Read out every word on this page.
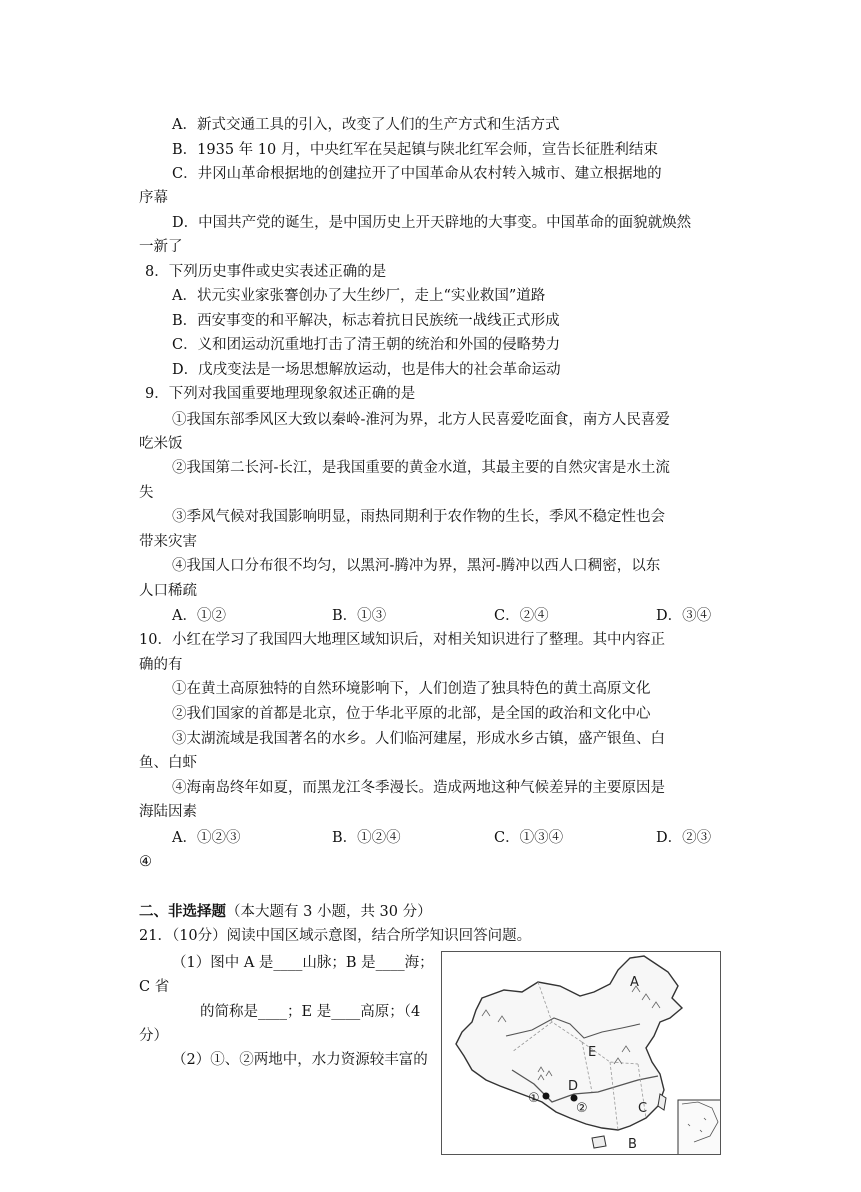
A．新式交通工具的引入，改变了人们的生产方式和生活方式
B．1935 年 10 月，中央红军在吴起镇与陕北红军会师，宣告长征胜利结束
C．井冈山革命根据地的创建拉开了中国革命从农村转入城市、建立根据地的
序幕
D．中国共产党的诞生，是中国历史上开天辟地的大事变。中国革命的面貌就焕然
一新了
8．下列历史事件或史实表述正确的是
A．状元实业家张謇创办了大生纱厂，走上“实业救国”道路
B．西安事变的和平解决，标志着抗日民族统一战线正式形成
C．义和团运动沉重地打击了清王朝的统治和外国的侵略势力
D．戊戌变法是一场思想解放运动，也是伟大的社会革命运动
9．下列对我国重要地理现象叙述正确的是
①我国东部季风区大致以秦岭-淮河为界，北方人民喜爱吃面食，南方人民喜爱
吃米饭
②我国第二长河-长江，是我国重要的黄金水道，其最主要的自然灾害是水土流
失
③季风气候对我国影响明显，雨热同期利于农作物的生长，季风不稳定性也会
带来灾害
④我国人口分布很不均匀，以黑河-腾冲为界，黑河-腾冲以西人口稠密，以东
人口稀疏
A．①②	B．①③	C．②④	D．③④
10．小红在学习了我国四大地理区域知识后，对相关知识进行了整理。其中内容正
确的有
①在黄土高原独特的自然环境影响下，人们创造了独具特色的黄土高原文化
②我们国家的首都是北京，位于华北平原的北部，是全国的政治和文化中心
③太湖流域是我国著名的水乡。人们临河建屋，形成水乡古镇，盛产银鱼、白
鱼、白虾
④海南岛终年如夏，而黑龙江冬季漫长。造成两地这种气候差异的主要原因是
海陆因素
A．①②③	B．①②④	C．①③④	D．②③
④
二、非选择题（本大题有 3 小题，共 30 分）
21．（10分）阅读中国区域示意图，结合所学知识回答问题。
（1）图中 A 是____山脉；B 是____海；
C 省
的简称是____；E 是____高原；（4
分）
（2）①、②两地中，水力资源较丰富的
A
E
①
D
②	C
B
